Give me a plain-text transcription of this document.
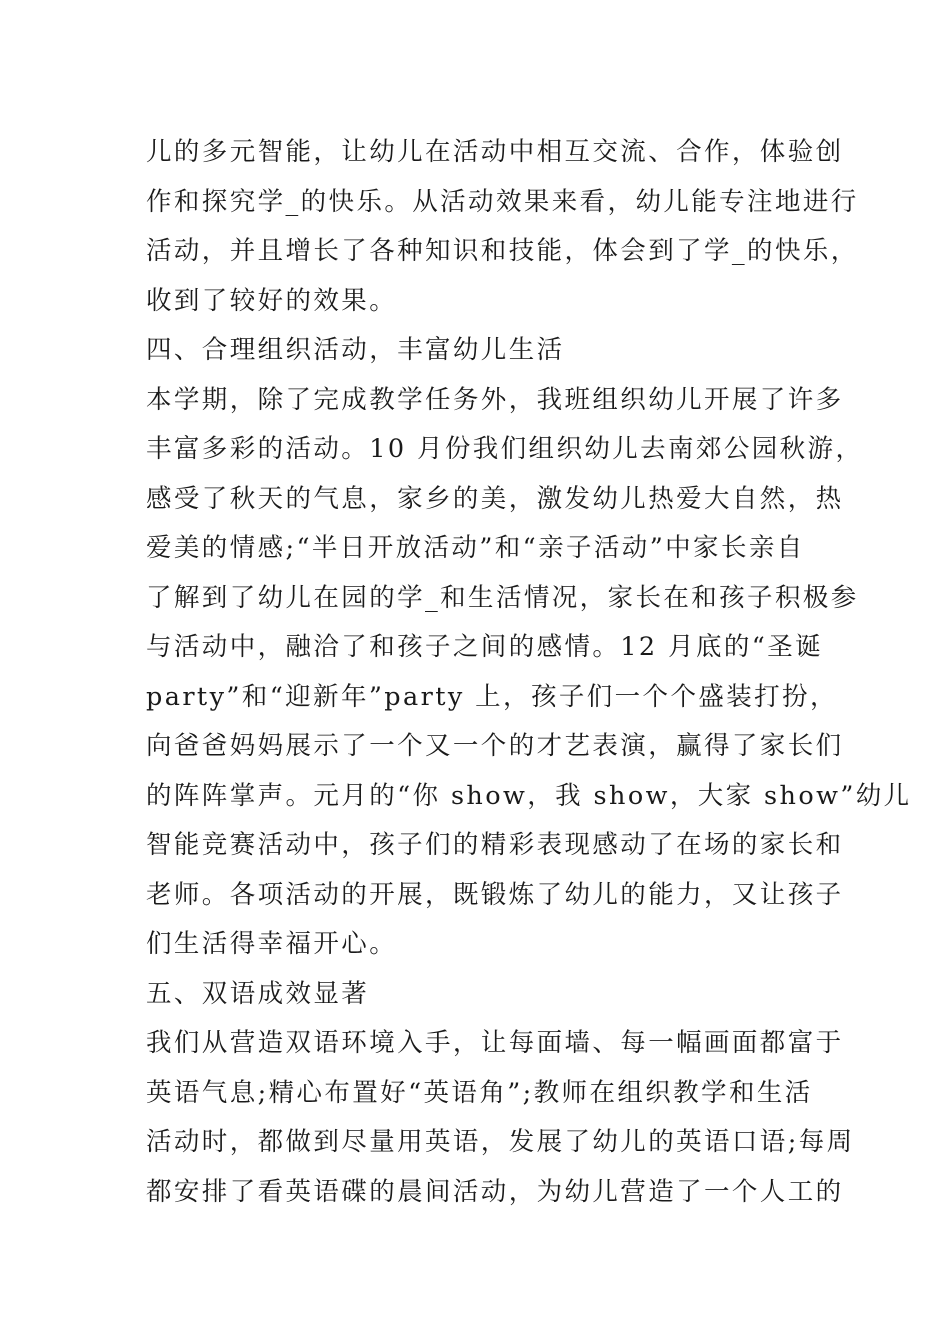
儿的多元智能，让幼儿在活动中相互交流、合作，体验创
作和探究学_的快乐。从活动效果来看，幼儿能专注地进行
活动，并且增长了各种知识和技能，体会到了学_的快乐，
收到了较好的效果。
四、合理组织活动，丰富幼儿生活
本学期，除了完成教学任务外，我班组织幼儿开展了许多
丰富多彩的活动。10 月份我们组织幼儿去南郊公园秋游，
感受了秋天的气息，家乡的美，激发幼儿热爱大自然，热
爱美的情感;“半日开放活动”和“亲子活动”中家长亲自
了解到了幼儿在园的学_和生活情况，家长在和孩子积极参
与活动中，融洽了和孩子之间的感情。12 月底的“圣诞
party”和“迎新年”party 上，孩子们一个个盛装打扮，
向爸爸妈妈展示了一个又一个的才艺表演，赢得了家长们
的阵阵掌声。元月的“你 show，我 show，大家 show”幼儿
智能竞赛活动中，孩子们的精彩表现感动了在场的家长和
老师。各项活动的开展，既锻炼了幼儿的能力，又让孩子
们生活得幸福开心。
五、双语成效显著
我们从营造双语环境入手，让每面墙、每一幅画面都富于
英语气息;精心布置好“英语角”;教师在组织教学和生活
活动时，都做到尽量用英语，发展了幼儿的英语口语;每周
都安排了看英语碟的晨间活动，为幼儿营造了一个人工的
